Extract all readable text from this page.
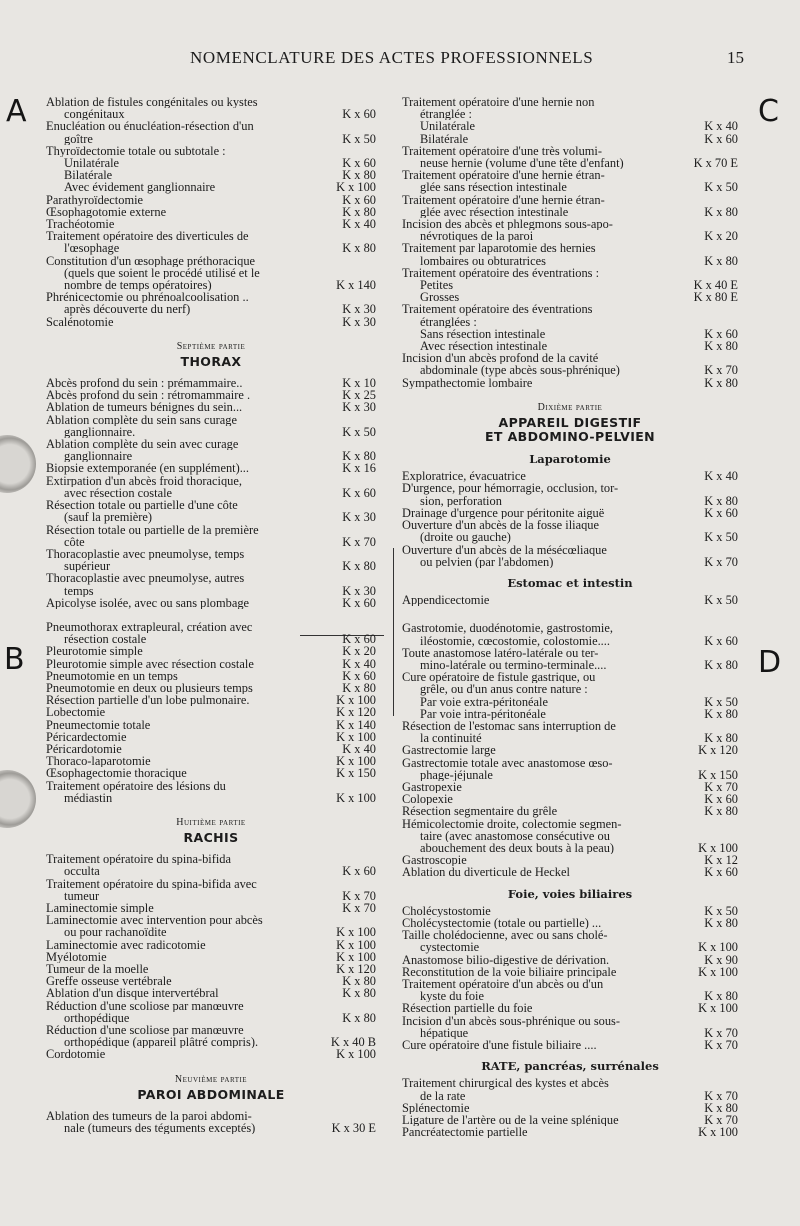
NOMENCLATURE DES ACTES PROFESSIONNELS	15
A
B
C
D
Ablation de fistules congénitales ou kystes
congénitaux	K x 60
Enucléation ou énucléation-résection d'un
goître	K x 50
Thyroïdectomie totale ou subtotale :
Unilatérale	K x 60
Bilatérale	K x 80
Avec évidement ganglionnaire	K x 100
Parathyroïdectomie	K x 60
Œsophagotomie externe	K x 80
Trachéotomie	K x 40
Traitement opératoire des diverticules de
l'œsophage	K x 80
Constitution d'un œsophage préthoracique
(quels que soient le procédé utilisé et le
nombre de temps opératoires)	K x 140
Phrénicectomie ou phrénoalcoolisation ..
après découverte du nerf)	K x 30
Scalénotomie	K x 30
Septième partie
THORAX
Abcès profond du sein : prémammaire..	K x 10
Abcès profond du sein : rétromammaire .	K x 25
Ablation de tumeurs bénignes du sein...	K x 30
Ablation complète du sein sans curage
ganglionnaire.	K x 50
Ablation complète du sein avec curage
ganglionnaire	K x 80
Biopsie extemporanée (en supplément)...	K x 16
Extirpation d'un abcès froid thoracique,
avec résection costale	K x 60
Résection totale ou partielle d'une côte
(sauf la première)	K x 30
Résection totale ou partielle de la première
côte	K x 70
Thoracoplastie avec pneumolyse, temps
supérieur	K x 80
Thoracoplastie avec pneumolyse, autres
temps	K x 30
Apicolyse isolée, avec ou sans plombage	K x 60
Pneumothorax extrapleural, création avec
résection costale	K x 60
Pleurotomie simple	K x 20
Pleurotomie simple avec résection costale	K x 40
Pneumotomie en un temps	K x 60
Pneumotomie en deux ou plusieurs temps	K x 80
Résection partielle d'un lobe pulmonaire.	K x 100
Lobectomie	K x 120
Pneumectomie totale	K x 140
Péricardectomie	K x 100
Péricardotomie	K x 40
Thoraco-laparotomie	K x 100
Œsophagectomie thoracique	K x 150
Traitement opératoire des lésions du
médiastin	K x 100
Huitième partie
RACHIS
Traitement opératoire du spina-bifida
occulta	K x 60
Traitement opératoire du spina-bifida avec
tumeur	K x 70
Laminectomie simple	K x 70
Laminectomie avec intervention pour abcès
ou pour rachanoïdite	K x 100
Laminectomie avec radicotomie	K x 100
Myélotomie	K x 100
Tumeur de la moelle	K x 120
Greffe osseuse vertébrale	K x 80
Ablation d'un disque intervertébral	K x 80
Réduction d'une scoliose par manœuvre
orthopédique	K x 80
Réduction d'une scoliose par manœuvre
orthopédique (appareil plâtré compris).	K x 40 B
Cordotomie	K x 100
Neuvième partie
PAROI ABDOMINALE
Ablation des tumeurs de la paroi abdomi-
nale (tumeurs des téguments exceptés)	K x 30 E
Traitement opératoire d'une hernie non
étranglée :
Unilatérale	K x 40
Bilatérale	K x 60
Traitement opératoire d'une très volumi-
neuse hernie (volume d'une tête d'enfant)	K x 70 E
Traitement opératoire d'une hernie étran-
glée sans résection intestinale	K x 50
Traitement opératoire d'une hernie étran-
glée avec résection intestinale	K x 80
Incision des abcès et phlegmons sous-apo-
névrotiques de la paroi	K x 20
Traitement par laparotomie des hernies
lombaires ou obturatrices	K x 80
Traitement opératoire des éventrations :
Petites	K x 40 E
Grosses	K x 80 E
Traitement opératoire des éventrations
étranglées :
Sans résection intestinale	K x 60
Avec résection intestinale	K x 80
Incision d'un abcès profond de la cavité
abdominale (type abcès sous-phrénique)	K x 70
Sympathectomie lombaire	K x 80
Dixième partie
APPAREIL DIGESTIF
ET ABDOMINO-PELVIEN
Laparotomie
Exploratrice, évacuatrice	K x 40
D'urgence, pour hémorragie, occlusion, tor-
sion, perforation	K x 80
Drainage d'urgence pour péritonite aiguë	K x 60
Ouverture d'un abcès de la fosse iliaque
(droite ou gauche)	K x 50
Ouverture d'un abcès de la mésécœliaque
ou pelvien (par l'abdomen)	K x 70
Estomac et intestin
Appendicectomie	K x 50
Gastrotomie, duodénotomie, gastrostomie,
iléostomie, cœcostomie, colostomie....	K x 60
Toute anastomose latéro-latérale ou ter-
mino-latérale ou termino-terminale....	K x 80
Cure opératoire de fistule gastrique, ou
grêle, ou d'un anus contre nature :
Par voie extra-péritonéale	K x 50
Par voie intra-péritonéale	K x 80
Résection de l'estomac sans interruption de
la continuité	K x 80
Gastrectomie large	K x 120
Gastrectomie totale avec anastomose œso-
phage-jéjunale	K x 150
Gastropexie	K x 70
Colopexie	K x 60
Résection segmentaire du grêle	K x 80
Hémicolectomie droite, colectomie segmen-
taire (avec anastomose consécutive ou
abouchement des deux bouts à la peau)	K x 100
Gastroscopie	K x 12
Ablation du diverticule de Heckel	K x 60
Foie, voies biliaires
Cholécystostomie	K x 50
Cholécystectomie (totale ou partielle) ...	K x 80
Taille cholédocienne, avec ou sans cholé-
cystectomie	K x 100
Anastomose bilio-digestive de dérivation.	K x 90
Reconstitution de la voie biliaire principale	K x 100
Traitement opératoire d'un abcès ou d'un
kyste du foie	K x 80
Résection partielle du foie	K x 100
Incision d'un abcès sous-phrénique ou sous-
hépatique	K x 70
Cure opératoire d'une fistule biliaire ....	K x 70
RATE, pancréas, surrénales
Traitement chirurgical des kystes et abcès
de la rate	K x 70
Splénectomie	K x 80
Ligature de l'artère ou de la veine splénique	K x 70
Pancréatectomie partielle	K x 100
